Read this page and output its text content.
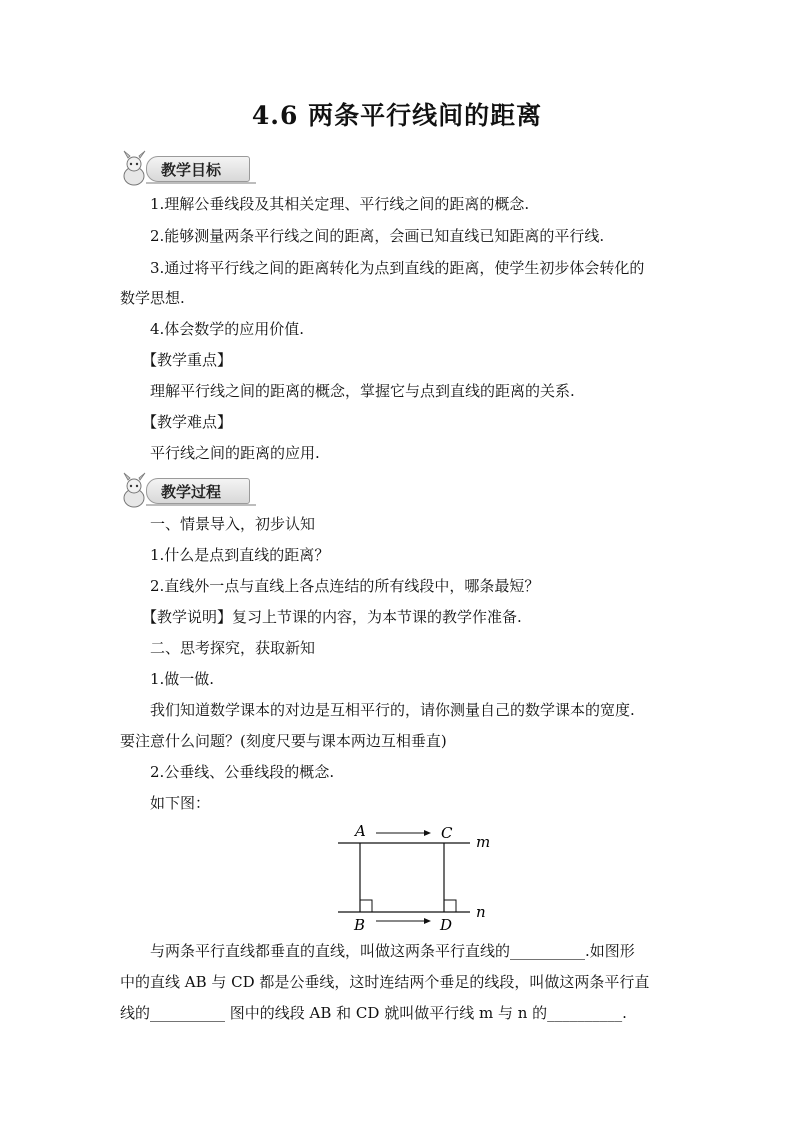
4.6 两条平行线间的距离
教学目标
1.理解公垂线段及其相关定理、平行线之间的距离的概念.
2.能够测量两条平行线之间的距离，会画已知直线已知距离的平行线.
3.通过将平行线之间的距离转化为点到直线的距离，使学生初步体会转化的
数学思想.
4.体会数学的应用价值.
【教学重点】
理解平行线之间的距离的概念，掌握它与点到直线的距离的关系.
【教学难点】
平行线之间的距离的应用.
教学过程
一、情景导入，初步认知
1.什么是点到直线的距离？
2.直线外一点与直线上各点连结的所有线段中，哪条最短？
【教学说明】复习上节课的内容，为本节课的教学作准备.
二、思考探究，获取新知
1.做一做.
我们知道数学课本的对边是互相平行的，请你测量自己的数学课本的宽度.
要注意什么问题？(刻度尺要与课本两边互相垂直)
2.公垂线、公垂线段的概念.
如下图：
A	C m
B	D
n
与两条平行直线都垂直的直线，叫做这两条平行直线的__________.如图形
中的直线 AB 与 CD 都是公垂线，这时连结两个垂足的线段，叫做这两条平行直
线的__________ 图中的线段 AB 和 CD 就叫做平行线 m 与 n 的__________.
